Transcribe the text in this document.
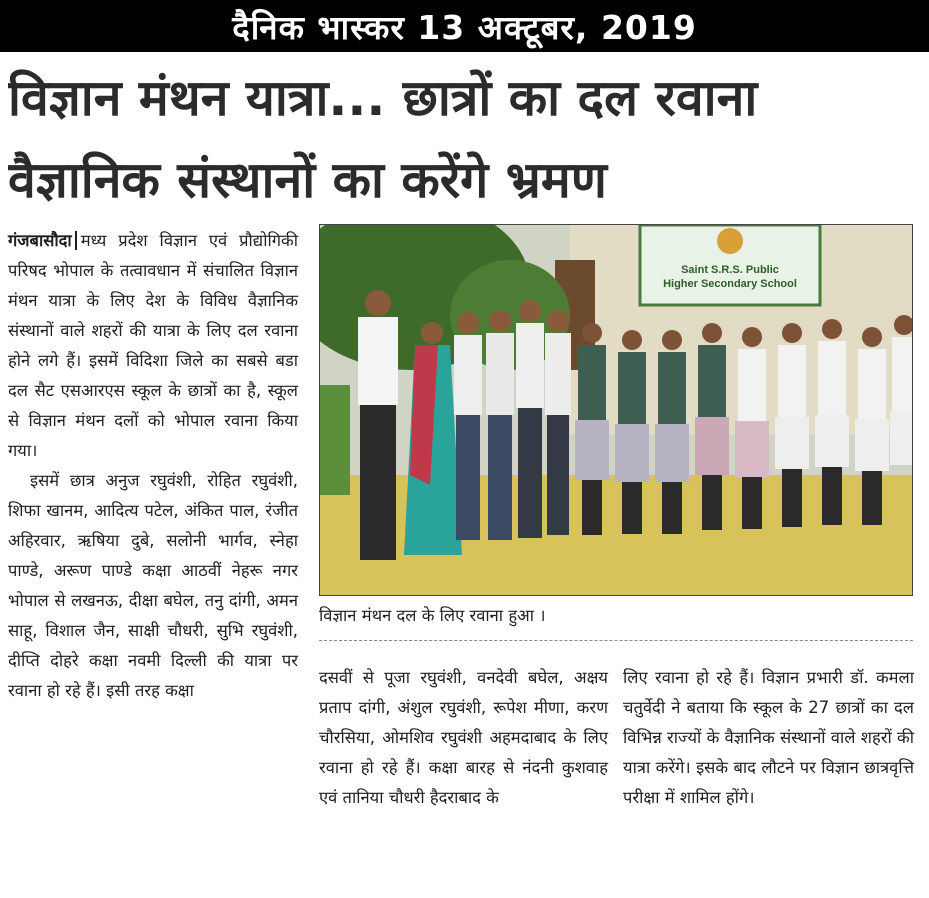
दैनिक भास्कर 13 अक्टूबर, 2019
विज्ञान मंथन यात्रा... छात्रों का दल रवाना
वैज्ञानिक संस्थानों का करेंगे भ्रमण

गंजबासौदा मध्य प्रदेश विज्ञान एवं प्रौद्योगिकी परिषद भोपाल के तत्वावधान में संचालित विज्ञान मंथन यात्रा के लिए देश के विविध वैज्ञानिक संस्थानों वाले शहरों की यात्रा के लिए दल रवाना होने लगे हैं। इसमें विदिशा जिले का सबसे बडा दल सैट एसआरएस स्कूल के छात्रों का है, स्कूल से विज्ञान मंथन दलों को भोपाल रवाना किया गया।

इसमें छात्र अनुज रघुवंशी, रोहित रघुवंशी, शिफा खानम, आदित्य पटेल, अंकित पाल, रंजीत अहिरवार, ऋषिया दुबे, सलोनी भार्गव, स्नेहा पाण्डे, अरूण पाण्डे कक्षा आठवीं नेहरू नगर भोपाल से लखनऊ, दीक्षा बघेल, तनु दांगी, अमन साहू, विशाल जैन, साक्षी चौधरी, सुभि रघुवंशी, दीप्ति दोहरे कक्षा नवमी दिल्ली की यात्रा पर रवाना हो रहे हैं। इसी तरह कक्षा

Saint S.R.S. Public
Higher Secondary School
विज्ञान मंथन दल के लिए रवाना हुआ ।

दसवीं से पूजा रघुवंशी, वनदेवी बघेल, अक्षय प्रताप दांगी, अंशुल रघुवंशी, रूपेश मीणा, करण चौरसिया, ओमशिव रघुवंशी अहमदाबाद के लिए रवाना हो रहे हैं। कक्षा बारह से नंदनी कुशवाह एवं तानिया चौधरी हैदराबाद के

लिए रवाना हो रहे हैं। विज्ञान प्रभारी डॉ. कमला चतुर्वेदी ने बताया कि स्कूल के 27 छात्रों का दल विभिन्न राज्यों के वैज्ञानिक संस्थानों वाले शहरों की यात्रा करेंगे। इसके बाद लौटने पर विज्ञान छात्रवृत्ति परीक्षा में शामिल होंगे।
